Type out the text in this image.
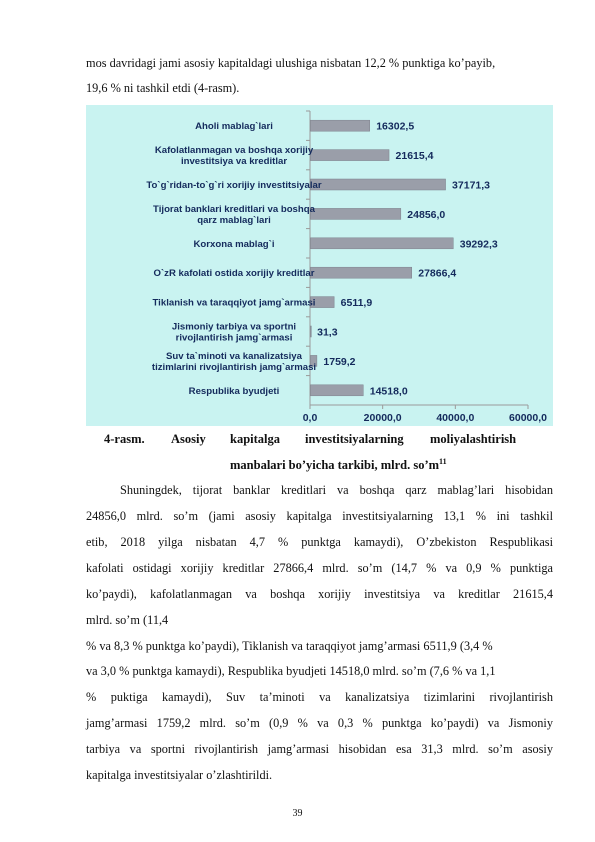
mos davridagi jami asosiy kapitaldagi ulushiga nisbatan 12,2 % punktiga ko’payib,
19,6 % ni tashkil etdi (4-rasm).
0,0	20000,0	40000,0	60000,0
16302,5
Aholi mablag`lari
21615,4
Kafolatlanmagan va boshqa xorijiy investitsiya va kreditlar
37171,3
To`g`ridan-to`g`ri xorijiy investitsiyalar
24856,0
Tijorat banklari kreditlari va boshqa qarz mablag`lari
39292,3
Korxona mablag`i
27866,4
O`zR kafolati ostida xorijiy kreditlar
6511,9
Tiklanish va taraqqiyot jamg`armasi
31,3
Jismoniy tarbiya va sportni rivojlantirish jamg`armasi
1759,2
Suv ta`minoti va kanalizatsiya tizimlarini rivojlantirish jamg`armasi
14518,0
Respublika byudjeti
4-rasm. Asosiy kapitalga investitsiyalarning moliyalashtirish
manbalari bo’yicha tarkibi, mlrd. $so’m^{11}$
Shuningdek, tijorat banklar kreditlari va boshqa qarz mablag’lari hisobidan
24856,0 mlrd. so’m (jami asosiy kapitalga investitsiyalarning 13,1 % ini tashkil
etib, 2018 yilga nisbatan 4,7 % punktga kamaydi), O’zbekiston Respublikasi
kafolati ostidagi xorijiy kreditlar 27866,4 mlrd. so’m (14,7 % va 0,9 % punktiga
ko’paydi), kafolatlanmagan va boshqa xorijiy investitsiya va kreditlar 21615,4
mlrd. so’m (11,4
% va 8,3 % punktga ko’paydi), Tiklanish va taraqqiyot jamg’armasi 6511,9 (3,4 %
va 3,0 % punktga kamaydi), Respublika byudjeti 14518,0 mlrd. so’m (7,6 % va 1,1
% puktiga kamaydi), Suv ta’minoti va kanalizatsiya tizimlarini rivojlantirish
jamg’armasi 1759,2 mlrd. so’m (0,9 % va 0,3 % punktga ko’paydi) va Jismoniy
tarbiya va sportni rivojlantirish jamg’armasi hisobidan esa 31,3 mlrd. so’m asosiy
kapitalga investitsiyalar o’zlashtirildi.
39
